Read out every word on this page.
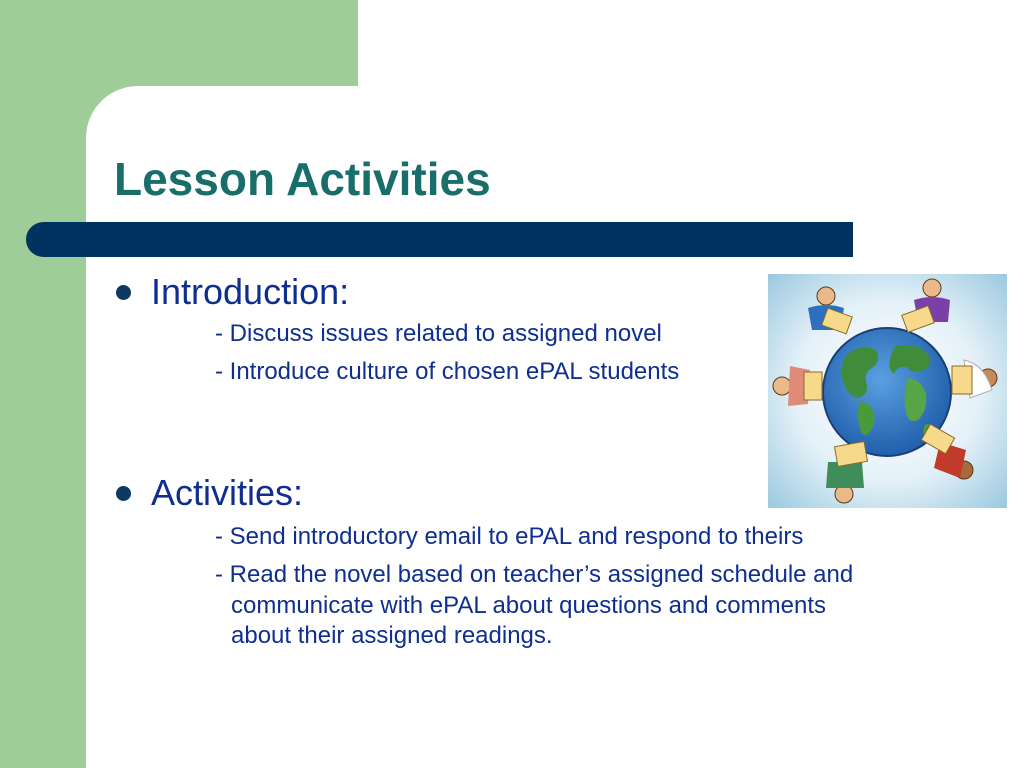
Lesson Activities
Introduction:
- Discuss issues related to assigned novel
- Introduce culture of chosen ePAL students
Activities:
- Send introductory email to ePAL and respond to theirs
- Read the novel based on teacher’s assigned schedule and
communicate with ePAL about questions and comments
about their assigned readings.
